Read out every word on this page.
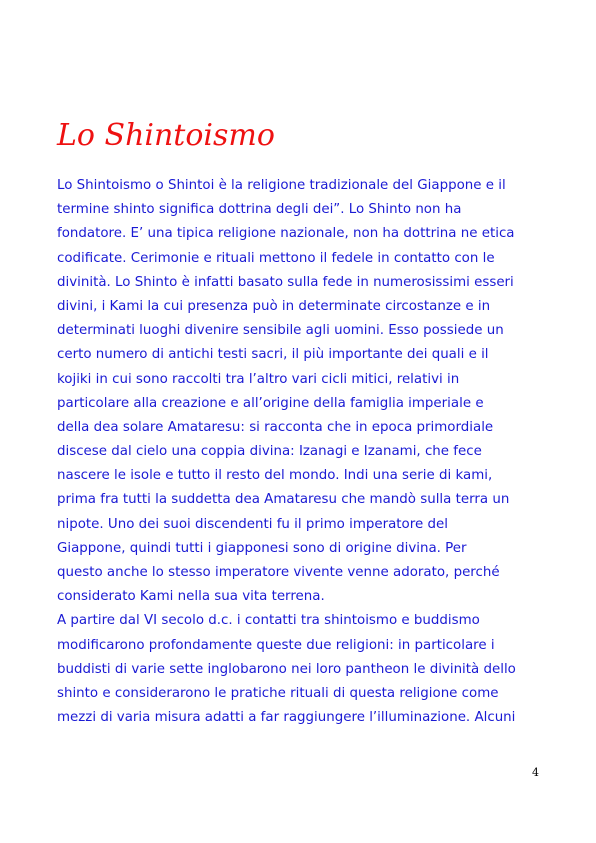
Lo Shintoismo
Lo Shintoismo o Shintoi è la religione tradizionale del Giappone e il
termine shinto significa dottrina degli dei”. Lo Shinto non ha
fondatore. E’ una tipica religione nazionale, non ha dottrina ne etica
codificate. Cerimonie e rituali mettono il fedele in contatto con le
divinità. Lo Shinto è infatti basato sulla fede in numerosissimi esseri
divini, i Kami la cui presenza può in determinate circostanze e in
determinati luoghi divenire sensibile agli uomini. Esso possiede un
certo numero di antichi testi sacri, il più importante dei quali e il
kojiki in cui sono raccolti tra l’altro vari cicli mitici, relativi in
particolare alla creazione e all’origine della famiglia imperiale e
della dea solare Amataresu: si racconta che in epoca primordiale
discese dal cielo una coppia divina: Izanagi e Izanami, che fece
nascere le isole e tutto il resto del mondo. Indi una serie di kami,
prima fra tutti la suddetta dea Amataresu che mandò sulla terra un
nipote. Uno dei suoi discendenti fu il primo imperatore del
Giappone, quindi tutti i giapponesi sono di origine divina. Per
questo anche lo stesso imperatore vivente venne adorato, perché
considerato Kami nella sua vita terrena.
A partire dal VI secolo d.c. i contatti tra shintoismo e buddismo
modificarono profondamente queste due religioni: in particolare i
buddisti di varie sette inglobarono nei loro pantheon le divinità dello
shinto e considerarono le pratiche rituali di questa religione come
mezzi di varia misura adatti a far raggiungere l’illuminazione. Alcuni
4
